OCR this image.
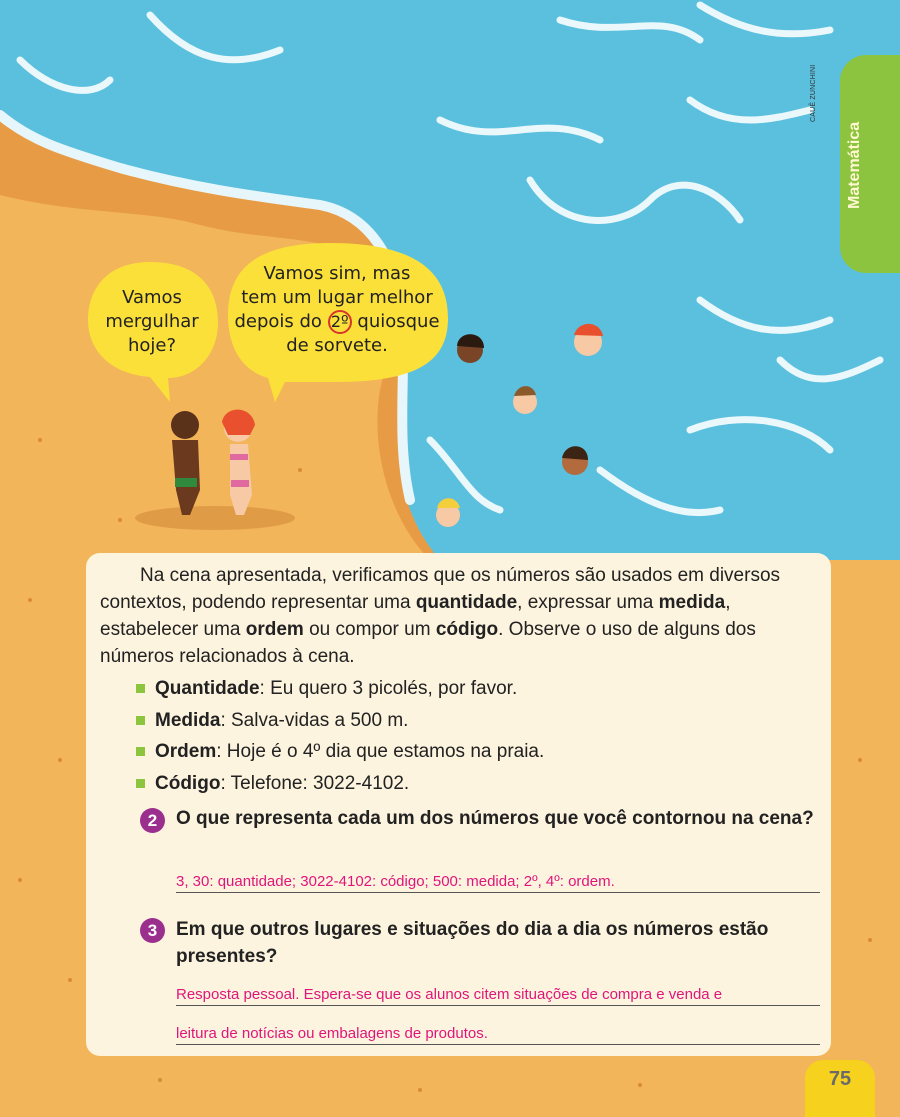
Vamos
mergulhar
hoje?
Vamos sim, mas
tem um lugar melhor
depois do 2º quiosque
de sorvete.
CAUÊ ZUNCHINI
Matemática

Na cena apresentada, verificamos que os números são usados em diversos contextos, podendo representar uma quantidade, expressar uma medida, estabelecer uma ordem ou compor um código. Observe o uso de alguns dos números relacionados à cena.

Quantidade: Eu quero 3 picolés, por favor.
Medida: Salva-vidas a 500 m.
Ordem: Hoje é o 4º dia que estamos na praia.
Código: Telefone: 3022-4102.
2 O que representa cada um dos números que você contornou na cena?
3, 30: quantidade; 3022-4102: código; 500: medida; 2º, 4º: ordem.
3 Em que outros lugares e situações do dia a dia os números estão presentes?
Resposta pessoal. Espera-se que os alunos citem situações de compra e venda e
leitura de notícias ou embalagens de produtos.
75
